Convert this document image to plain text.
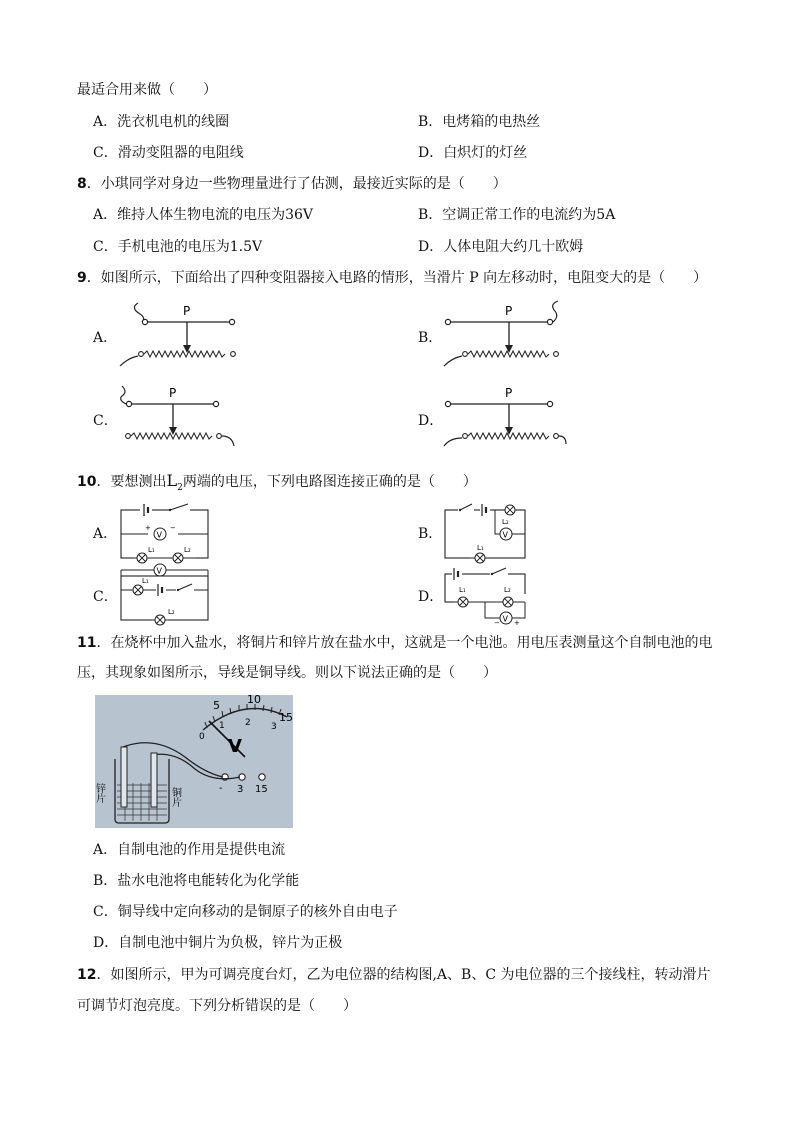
最适合用来做（　　）
A．洗衣机电机的线圈	B．电烤箱的电热丝
C．滑动变阻器的电阻线	D．白炽灯的灯丝
8．小琪同学对身边一些物理量进行了估测，最接近实际的是（　　）
A．维持人体生物电流的电压为36V	B．空调正常工作的电流约为5A
C．手机电池的电压为1.5V	D．人体电阻大约几十欧姆
9．如图所示，下面给出了四种变阻器接入电路的情形，当滑片 P 向左移动时，电阻变大的是（　　）
A．	B．
C．	D．
P	P
P	P
10．要想测出$L_2$两端的电压，下列电路图连接正确的是（　　）
A．	B．
C．	D．
V
+	−
L₁	L₂
L₂
V
L₁
V
L₁
L₂
L₁	L₂
V
− +
11．在烧杯中加入盐水，将铜片和锌片放在盐水中，这就是一个电池。用电压表测量这个自制电池的电
压，其现象如图所示，导线是铜导线。则以下说法正确的是（　　）
5 10
15
0
1 2 3
V
- 3 15
锌片	铜片
A．自制电池的作用是提供电流
B．盐水电池将电能转化为化学能
C．铜导线中定向移动的是铜原子的核外自由电子
D．自制电池中铜片为负极，锌片为正极
12．如图所示，甲为可调亮度台灯，乙为电位器的结构图,A、B、C 为电位器的三个接线柱，转动滑片
可调节灯泡亮度。下列分析错误的是（　　）
